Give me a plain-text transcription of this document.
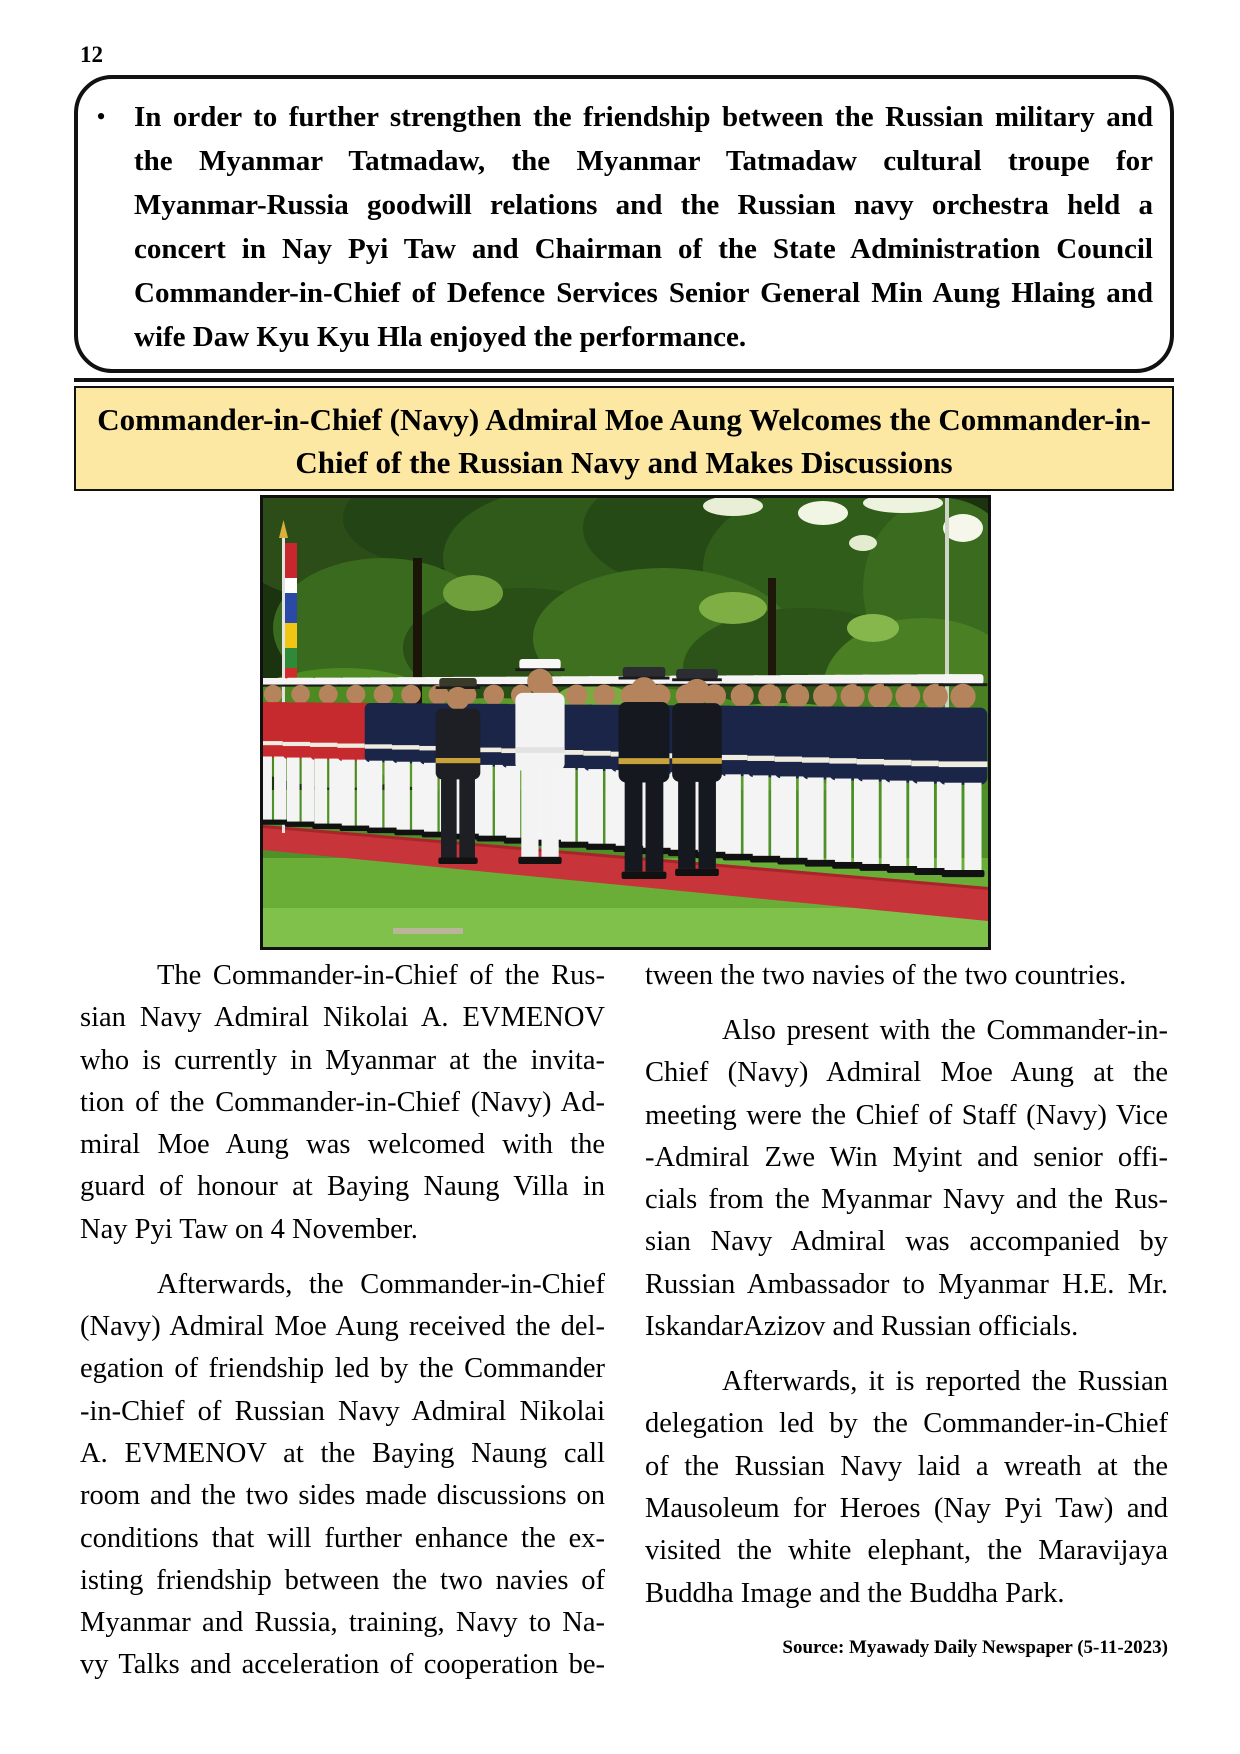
12
• In order to further strengthen the friendship between the Russian military and
the Myanmar Tatmadaw, the Myanmar Tatmadaw cultural troupe for
Myanmar-Russia goodwill relations and the Russian navy orchestra held a
concert in Nay Pyi Taw and Chairman of the State Administration Council
Commander-in-Chief of Defence Services Senior General Min Aung Hlaing and
wife Daw Kyu Kyu Hla enjoyed the performance.
Commander-in-Chief (Navy) Admiral Moe Aung Welcomes the Commander-in-
Chief of the Russian Navy and Makes Discussions
The Commander-in-Chief of the Rus-
sian Navy Admiral Nikolai A. EVMENOV
who is currently in Myanmar at the invita-
tion of the Commander-in-Chief (Navy) Ad-
miral Moe Aung was welcomed with the
guard of honour at Baying Naung Villa in
Nay Pyi Taw on 4 November.
Afterwards, the Commander-in-Chief
(Navy) Admiral Moe Aung received the del-
egation of friendship led by the Commander
-in-Chief of Russian Navy Admiral Nikolai
A. EVMENOV at the Baying Naung call
room and the two sides made discussions on
conditions that will further enhance the ex-
isting friendship between the two navies of
Myanmar and Russia, training, Navy to Na-
vy Talks and acceleration of cooperation be-
tween the two navies of the two countries.
Also present with the Commander-in-
Chief (Navy) Admiral Moe Aung at the
meeting were the Chief of Staff (Navy) Vice
-Admiral Zwe Win Myint and senior offi-
cials from the Myanmar Navy and the Rus-
sian Navy Admiral was accompanied by
Russian Ambassador to Myanmar H.E. Mr.
IskandarAzizov and Russian officials.
Afterwards, it is reported the Russian
delegation led by the Commander-in-Chief
of the Russian Navy laid a wreath at the
Mausoleum for Heroes (Nay Pyi Taw) and
visited the white elephant, the Maravijaya
Buddha Image and the Buddha Park.
Source: Myawady Daily Newspaper (5-11-2023)
